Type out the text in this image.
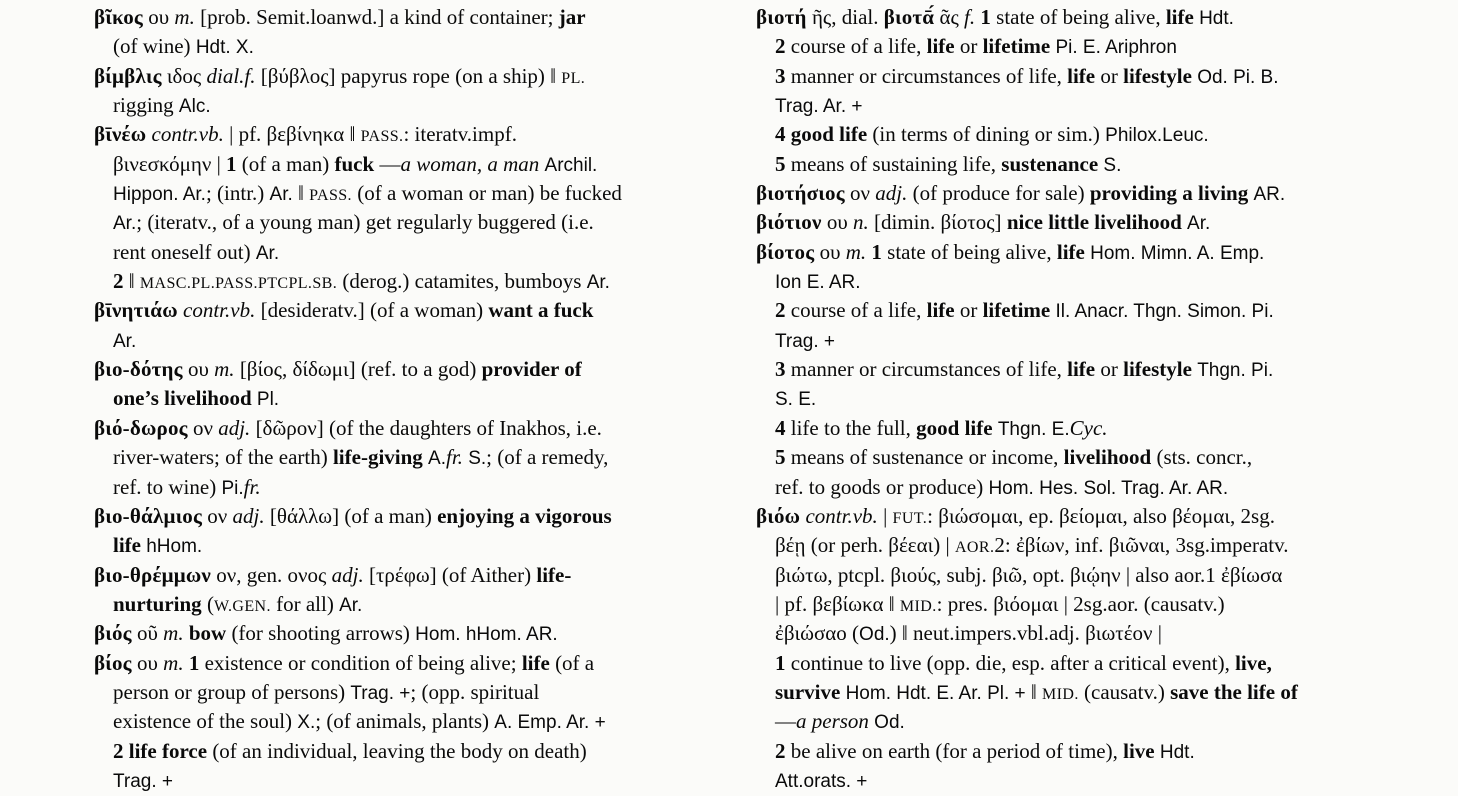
βῖκος ου m. [prob. Semit.loanwd.] a kind of container; jar
(of wine) Hdt. X.
βίμβλις ιδος dial.f. [βύβλος] papyrus rope (on a ship) ‖ PL.
rigging Alc.
βῑνέω contr.vb. | pf. βεβίνηκα ‖ PASS.: iteratv.impf.
βινεσκόμην | 1 (of a man) fuck —a woman, a man Archil.
Hippon. Ar.; (intr.) Ar. ‖ PASS. (of a woman or man) be fucked
Ar.; (iteratv., of a young man) get regularly buggered (i.e.
rent oneself out) Ar.
2 ‖ MASC.PL.PASS.PTCPL.SB. (derog.) catamites, bumboys Ar.
βῑνητιάω contr.vb. [desideratv.] (of a woman) want a fuck
Ar.
βιο-δότης ου m. [βίος, δίδωμι] (ref. to a god) provider of
one’s livelihood Pl.
βιό-δωρος ον adj. [δῶρον] (of the daughters of Inakhos, i.e.
river-waters; of the earth) life-giving A.fr. S.; (of a remedy,
ref. to wine) Pi.fr.
βιο-θάλμιος ον adj. [θάλλω] (of a man) enjoying a vigorous
life hHom.
βιο-θρέμμων ον, gen. ονος adj. [τρέφω] (of Aither) life-
nurturing (W.GEN. for all) Ar.
βιός οῦ m. bow (for shooting arrows) Hom. hHom. AR.
βίος ου m. 1 existence or condition of being alive; life (of a
person or group of persons) Trag. +; (opp. spiritual
existence of the soul) X.; (of animals, plants) A. Emp. Ar. +
2 life force (of an individual, leaving the body on death)
Trag. +
βιοτή ῆς, dial. βιοτᾱ́ ᾶς f. 1 state of being alive, life Hdt.
2 course of a life, life or lifetime Pi. E. Ariphron
3 manner or circumstances of life, life or lifestyle Od. Pi. B.
Trag. Ar. +
4 good life (in terms of dining or sim.) Philox.Leuc.
5 means of sustaining life, sustenance S.
βιοτήσιος ον adj. (of produce for sale) providing a living AR.
βιότιον ου n. [dimin. βίοτος] nice little livelihood Ar.
βίοτος ου m. 1 state of being alive, life Hom. Mimn. A. Emp.
Ion E. AR.
2 course of a life, life or lifetime Il. Anacr. Thgn. Simon. Pi.
Trag. +
3 manner or circumstances of life, life or lifestyle Thgn. Pi.
S. E.
4 life to the full, good life Thgn. E.Cyc.
5 means of sustenance or income, livelihood (sts. concr.,
ref. to goods or produce) Hom. Hes. Sol. Trag. Ar. AR.
βιόω contr.vb. | FUT.: βιώσομαι, ep. βείομαι, also βέομαι, 2sg.
βέῃ (or perh. βέεαι) | AOR.2: ἐβίων, inf. βιῶναι, 3sg.imperatv.
βιώτω, ptcpl. βιούς, subj. βιῶ, opt. βιῴην | also aor.1 ἐβίωσα
| pf. βεβίωκα ‖ MID.: pres. βιόομαι | 2sg.aor. (causatv.)
ἐβιώσαο (Od.) ‖ neut.impers.vbl.adj. βιωτέον |
1 continue to live (opp. die, esp. after a critical event), live,
survive Hom. Hdt. E. Ar. Pl. + ‖ MID. (causatv.) save the life of
—a person Od.
2 be alive on earth (for a period of time), live Hdt.
Att.orats. +
